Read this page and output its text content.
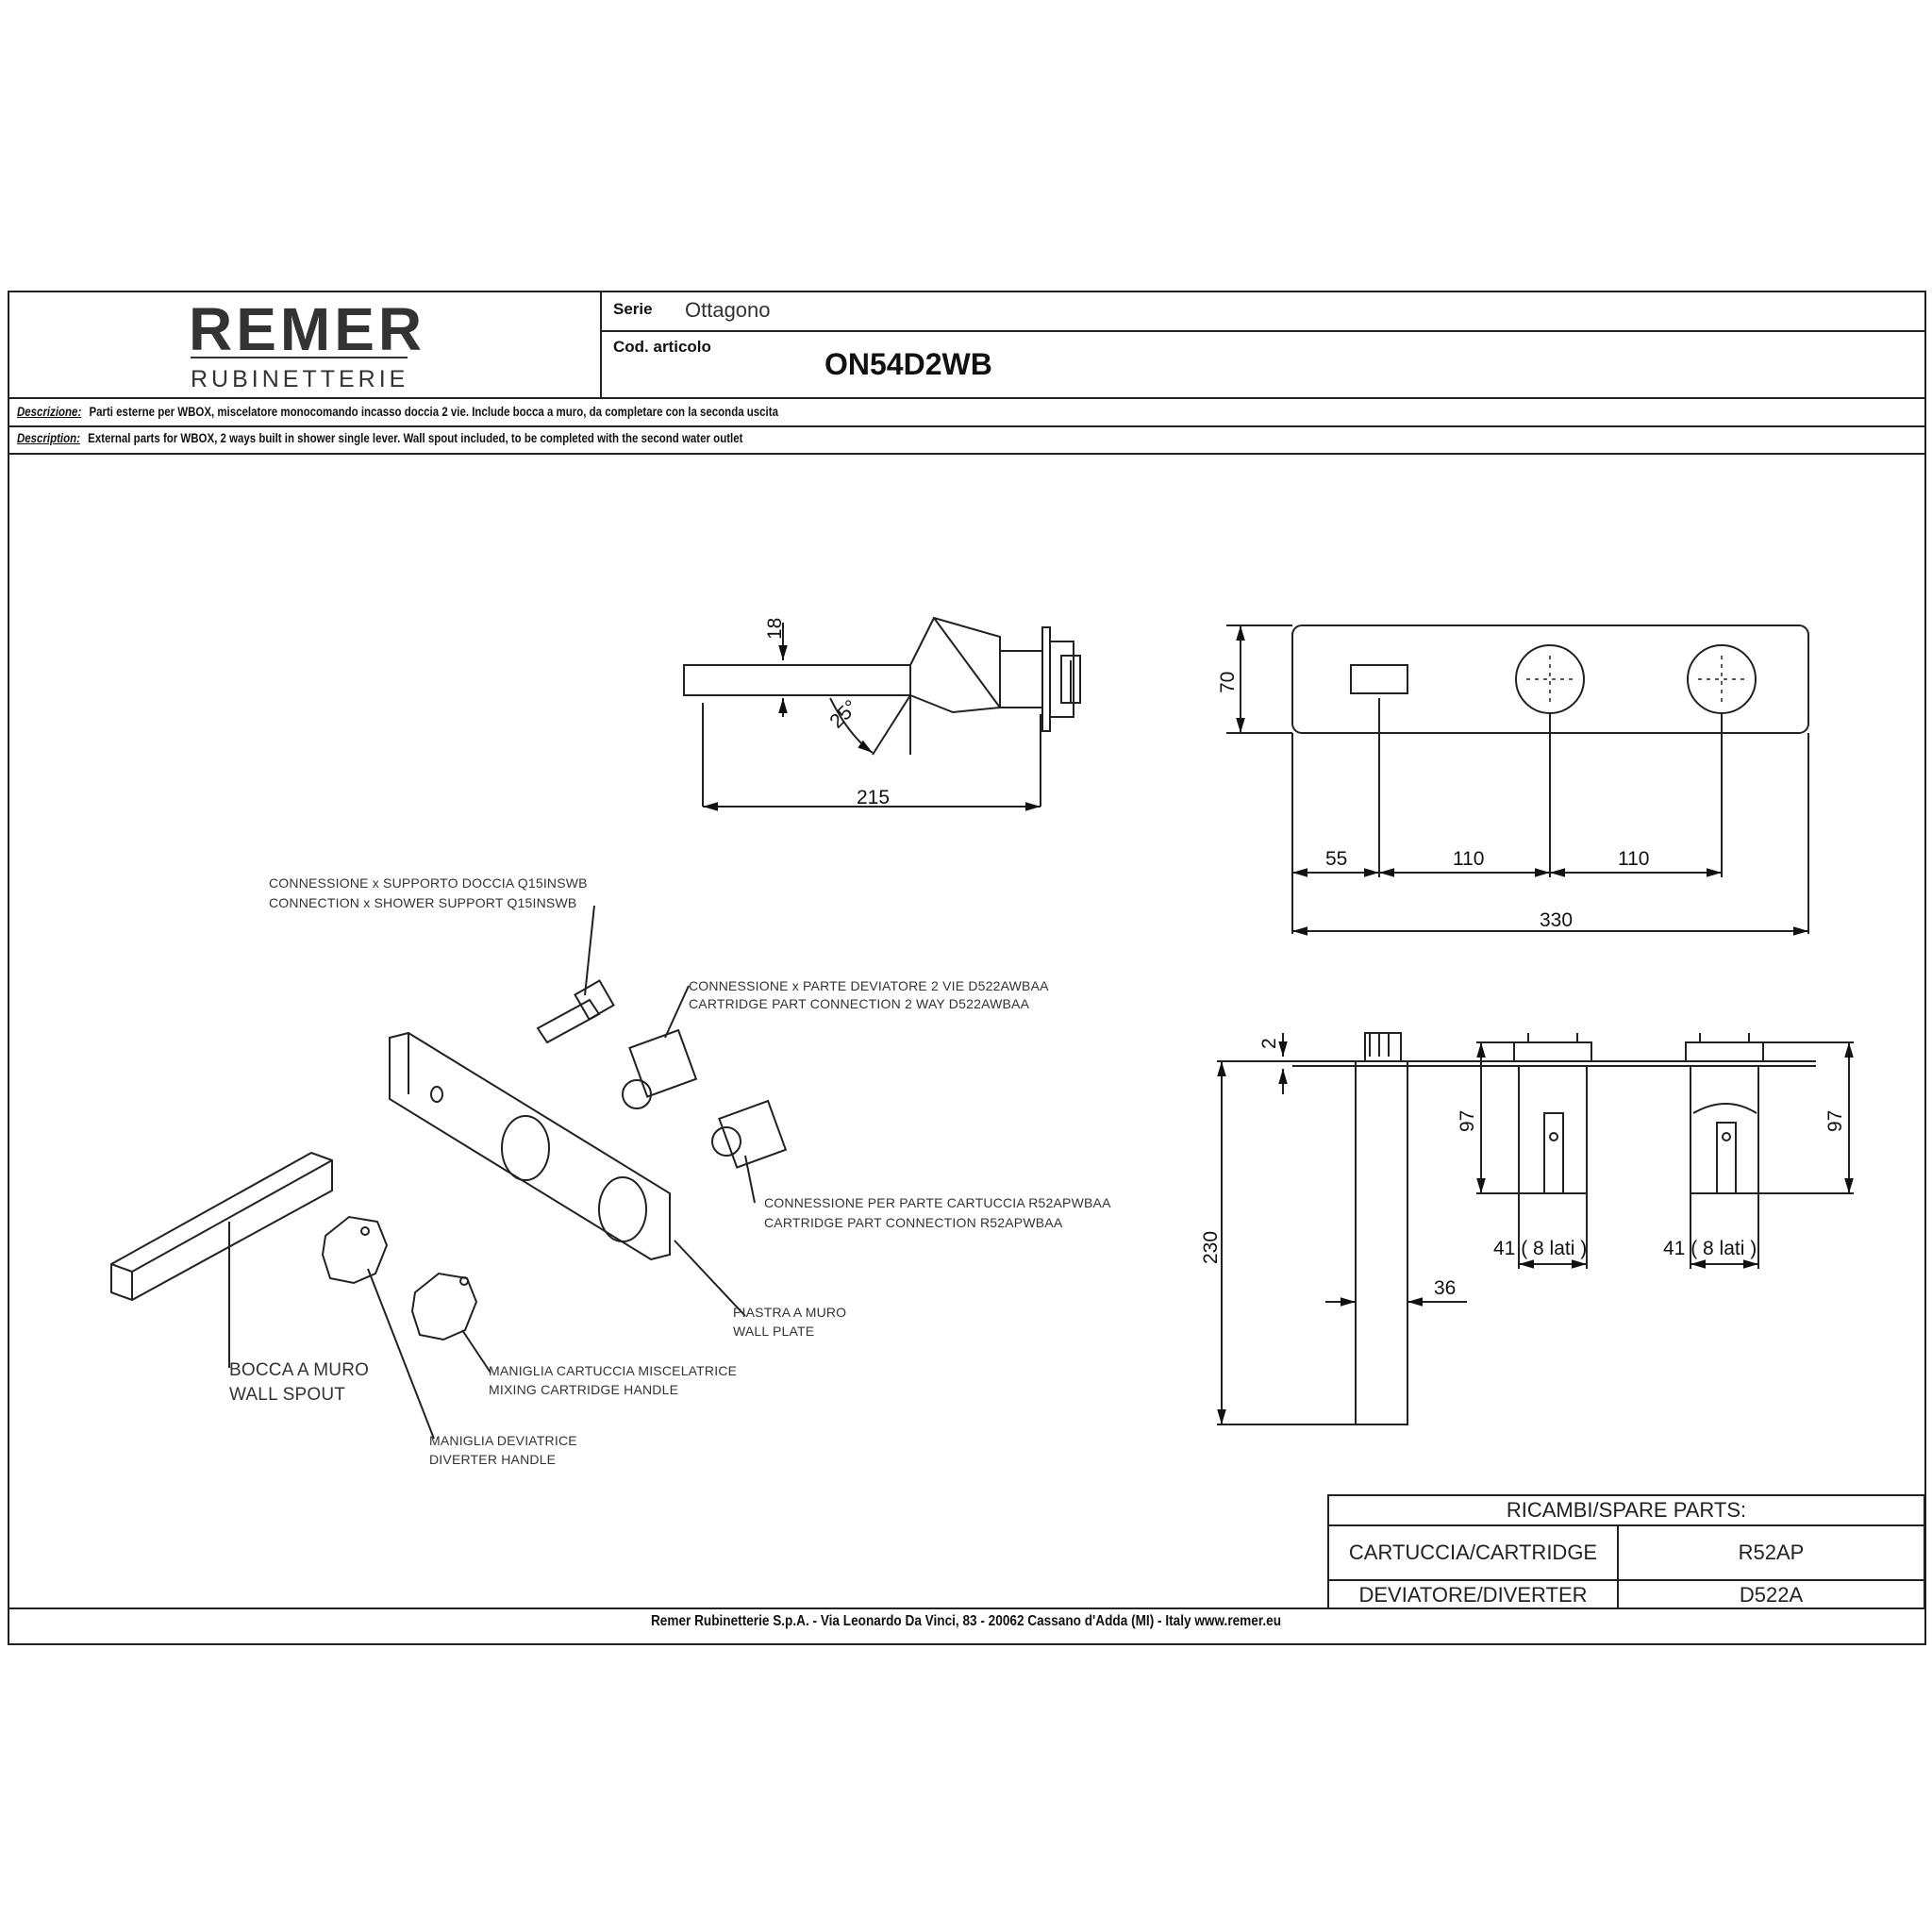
REMER
RUBINETTERIE
Serie Ottagono
Cod. articolo
ON54D2WB
Descrizione: Parti esterne per WBOX, miscelatore monocomando incasso doccia 2 vie. Include bocca a muro, da completare con la seconda uscita
Description: External parts for WBOX, 2 ways built in shower single lever. Wall spout included, to be completed with the second water outlet
18
25°
215
70
55	110	110
330
2
230
36
97	97
41 ( 8 lati )	41 ( 8 lati )
CONNESSIONE x SUPPORTO DOCCIA Q15INSWB
CONNECTION x SHOWER SUPPORT Q15INSWB
CONNESSIONE x PARTE DEVIATORE 2 VIE D522AWBAA
CARTRIDGE PART CONNECTION 2 WAY D522AWBAA
CONNESSIONE PER PARTE CARTUCCIA R52APWBAA
CARTRIDGE PART CONNECTION R52APWBAA
PIASTRA A MURO
WALL PLATE
BOCCA A MURO
WALL SPOUT
MANIGLIA CARTUCCIA MISCELATRICE
MIXING CARTRIDGE HANDLE
MANIGLIA DEVIATRICE
DIVERTER HANDLE
RICAMBI/SPARE PARTS:
CARTUCCIA/CARTRIDGE	R52AP
DEVIATORE/DIVERTER	D522A
Remer Rubinetterie S.p.A. - Via Leonardo Da Vinci, 83 - 20062 Cassano d'Adda (MI) - Italy www.remer.eu
